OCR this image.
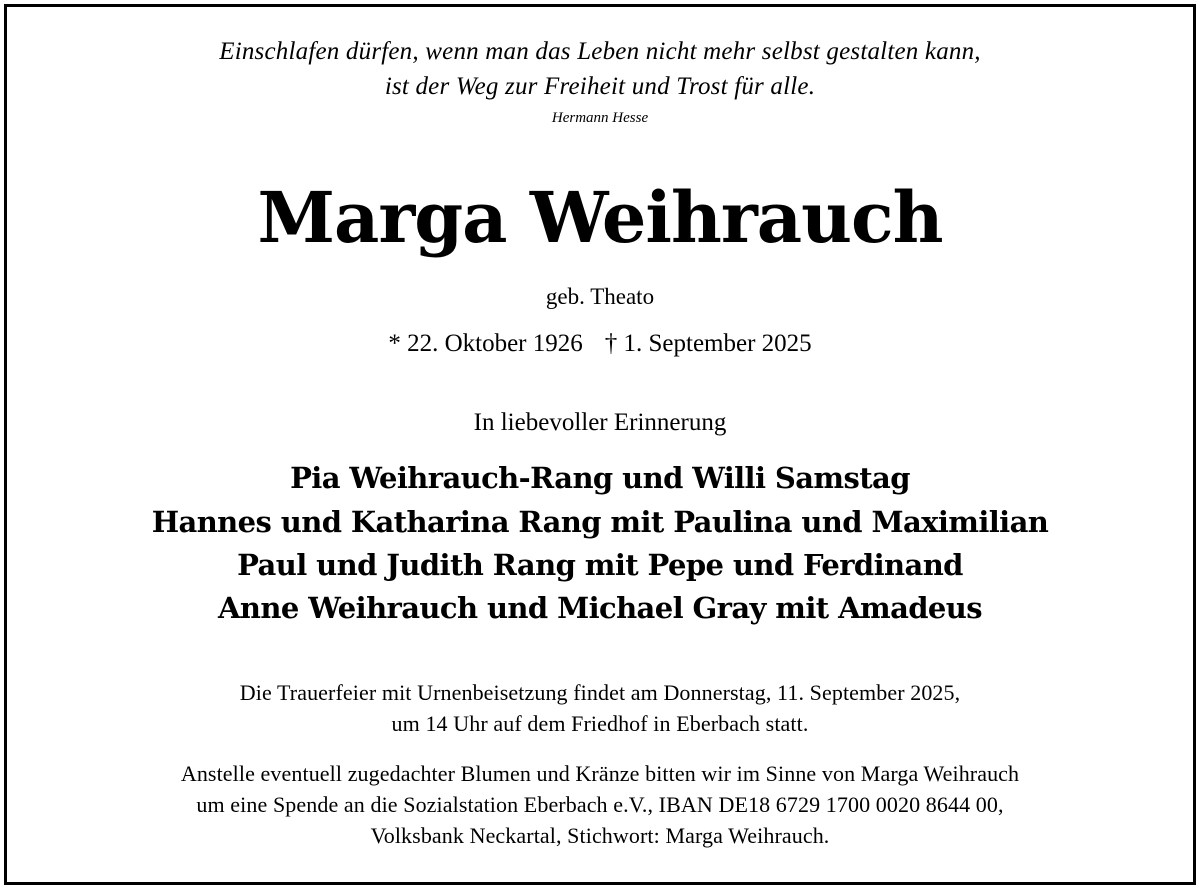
Einschlafen dürfen, wenn man das Leben nicht mehr selbst gestalten kann,
ist der Weg zur Freiheit und Trost für alle.
Hermann Hesse
Marga Weihrauch
geb. Theato
* 22. Oktober 1926 † 1. September 2025
In liebevoller Erinnerung
Pia Weihrauch-Rang und Willi Samstag
Hannes und Katharina Rang mit Paulina und Maximilian
Paul und Judith Rang mit Pepe und Ferdinand
Anne Weihrauch und Michael Gray mit Amadeus
Die Trauerfeier mit Urnenbeisetzung findet am Donnerstag, 11. September 2025,
um 14 Uhr auf dem Friedhof in Eberbach statt.
Anstelle eventuell zugedachter Blumen und Kränze bitten wir im Sinne von Marga Weihrauch
um eine Spende an die Sozialstation Eberbach e.V., IBAN DE18 6729 1700 0020 8644 00,
Volksbank Neckartal, Stichwort: Marga Weihrauch.
